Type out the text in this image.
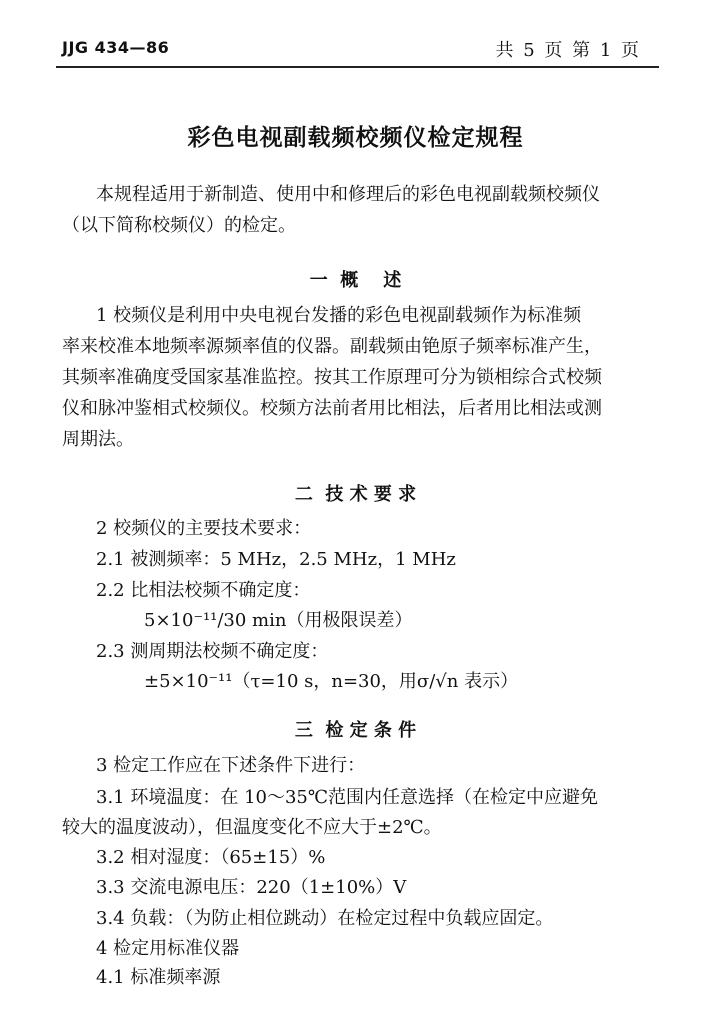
JJG 434—86	共 5 页 第 1 页
彩色电视副载频校频仪检定规程
本规程适用于新制造、使用中和修理后的彩色电视副载频校频仪
（以下简称校频仪）的检定。
一  概    述
1 校频仪是利用中央电视台发播的彩色电视副载频作为标准频
率来校准本地频率源频率值的仪器。副载频由铯原子频率标准产生，
其频率准确度受国家基准监控。按其工作原理可分为锁相综合式校频
仪和脉冲鉴相式校频仪。校频方法前者用比相法，后者用比相法或测
周期法。
二  技 术 要 求
2 校频仪的主要技术要求：
2.1 被测频率：5 MHz，2.5 MHz，1 MHz
2.2 比相法校频不确定度：
5×10⁻¹¹/30 min（用极限误差）
2.3 测周期法校频不确定度：
±5×10⁻¹¹（τ=10 s，n=30，用σ/√n 表示）
三  检 定 条 件
3 检定工作应在下述条件下进行：
3.1 环境温度：在 10～35℃范围内任意选择（在检定中应避免
较大的温度波动），但温度变化不应大于±2℃。
3.2 相对湿度：（65±15）%
3.3 交流电源电压：220（1±10%）V
3.4 负载：（为防止相位跳动）在检定过程中负载应固定。
4 检定用标准仪器
4.1 标准频率源
